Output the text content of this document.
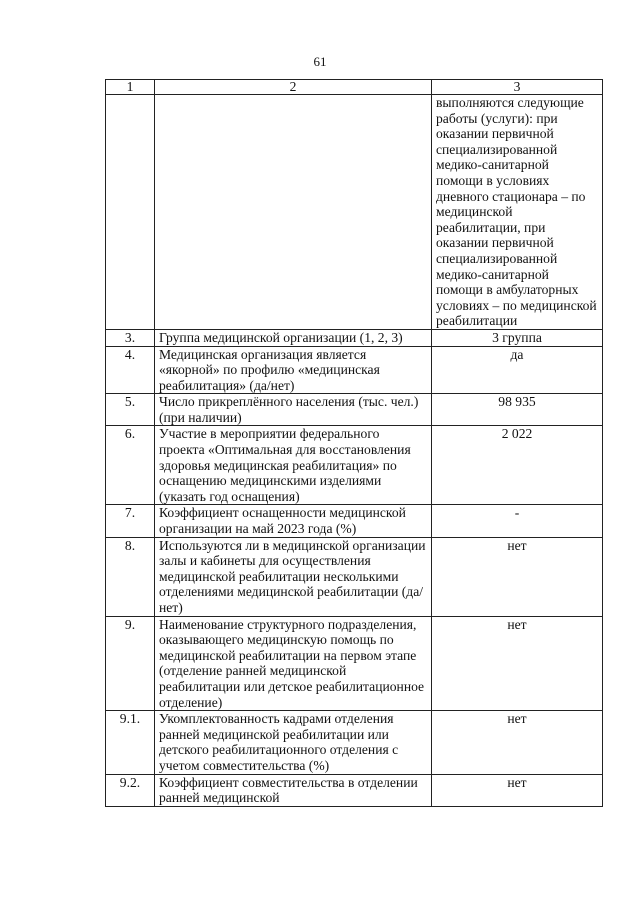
61
1	2	3
		выполняются следующие работы (услуги): при оказании первичной специализированной медико-санитарной помощи в условиях дневного стационара – по медицинской реабилитации, при оказании первичной специализированной медико-санитарной помощи в амбулаторных условиях – по медицинской реабилитации
3.	Группа медицинской организации (1, 2, 3)	3 группа
4.	Медицинская организация является «якорной» по профилю «медицинская реабилитация» (да/нет)	да
5.	Число прикреплённого населения (тыс. чел.) (при наличии)	98 935
6.	Участие в мероприятии федерального проекта «Оптимальная для восстановления здоровья медицинская реабилитация» по оснащению медицинскими изделиями (указать год оснащения)	2 022
7.	Коэффициент оснащенности медицинской организации на май 2023 года (%)	-
8.	Используются ли в медицинской организации залы и кабинеты для осуществления медицинской реабилитации несколькими отделениями медицинской реабилитации (да/нет)	нет
9.	Наименование структурного подразделения, оказывающего медицинскую помощь по медицинской реабилитации на первом этапе (отделение ранней медицинской реабилитации или детское реабилитационное отделение)	нет
9.1.	Укомплектованность кадрами отделения ранней медицинской реабилитации или детского реабилитационного отделения с учетом совместительства (%)	нет
9.2.	Коэффициент совместительства в отделении ранней медицинской	нет
